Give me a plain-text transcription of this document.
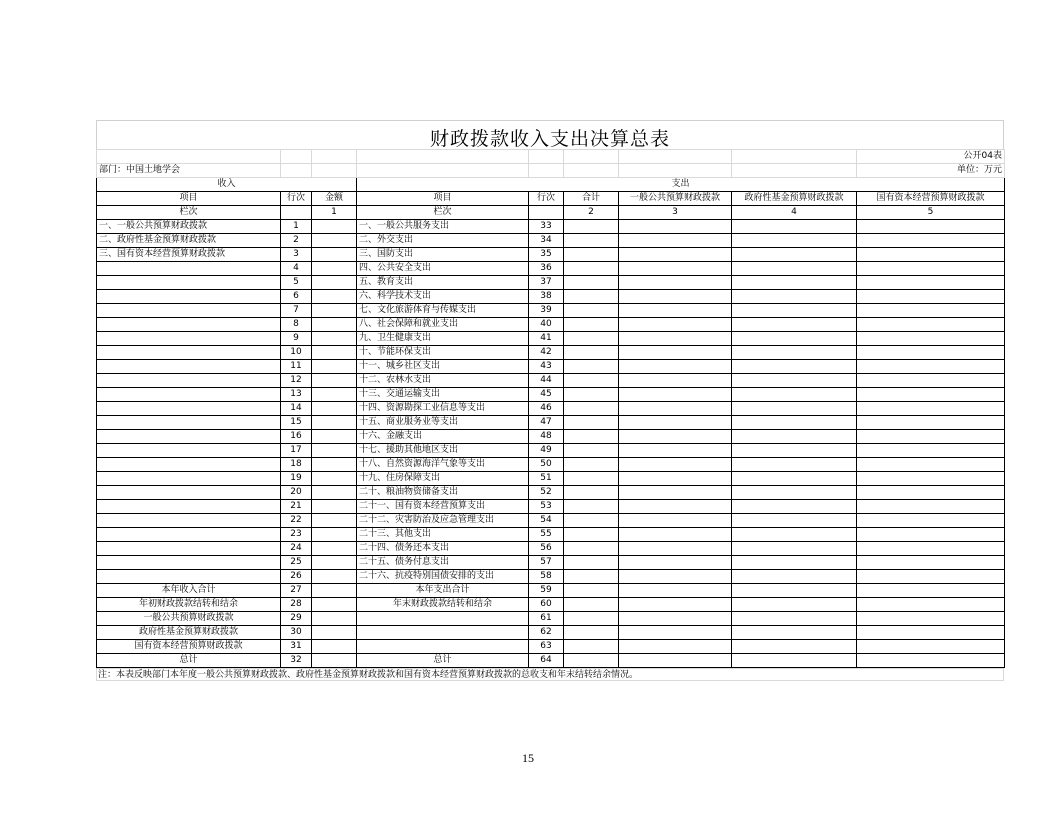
财政拨款收入支出决算总表
								公开04表
部门：中国土地学会								单位：万元
收入			支出					
项目	行次	金额	项目	行次	合计	一般公共预算财政拨款	政府性基金预算财政拨款	国有资本经营预算财政拨款
栏次		1	栏次		2	3	4	5
一、一般公共预算财政拨款	1		一、一般公共服务支出	33				
二、政府性基金预算财政拨款	2		二、外交支出	34				
三、国有资本经营预算财政拨款	3		三、国防支出	35				
	4		四、公共安全支出	36				
	5		五、教育支出	37				
	6		六、科学技术支出	38				
	7		七、文化旅游体育与传媒支出	39				
	8		八、社会保障和就业支出	40				
	9		九、卫生健康支出	41				
	10		十、节能环保支出	42				
	11		十一、城乡社区支出	43				
	12		十二、农林水支出	44				
	13		十三、交通运输支出	45				
	14		十四、资源勘探工业信息等支出	46				
	15		十五、商业服务业等支出	47				
	16		十六、金融支出	48				
	17		十七、援助其他地区支出	49				
	18		十八、自然资源海洋气象等支出	50				
	19		十九、住房保障支出	51				
	20		二十、粮油物资储备支出	52				
	21		二十一、国有资本经营预算支出	53				
	22		二十二、灾害防治及应急管理支出	54				
	23		二十三、其他支出	55				
	24		二十四、债务还本支出	56				
	25		二十五、债务付息支出	57				
	26		二十六、抗疫特别国债安排的支出	58				
本年收入合计	27		本年支出合计	59				
年初财政拨款结转和结余	28		年末财政拨款结转和结余	60				
一般公共预算财政拨款	29			61				
政府性基金预算财政拨款	30			62				
国有资本经营预算财政拨款	31			63				
总计	32		总计	64				
注：本表反映部门本年度一般公共预算财政拨款、政府性基金预算财政拨款和国有资本经营预算财政拨款的总收支和年末结转结余情况。
15
